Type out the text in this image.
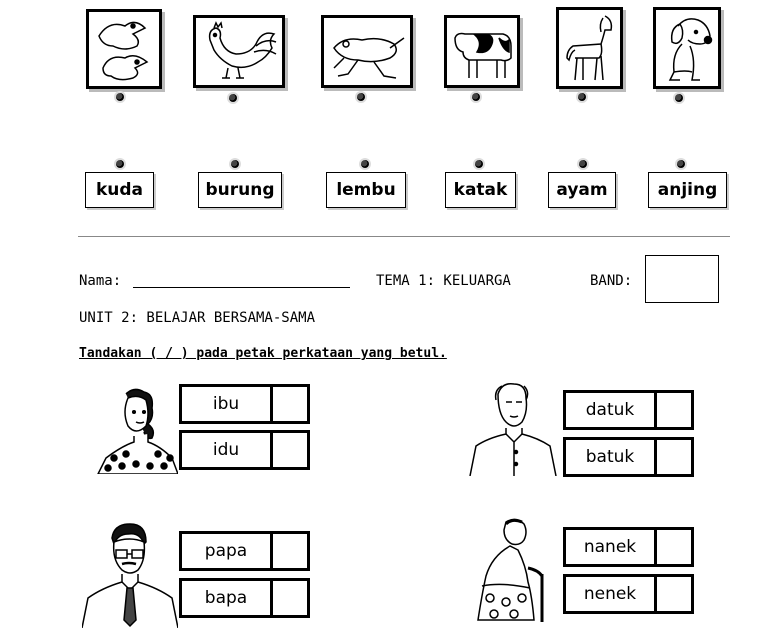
kuda	burung	lembu	katak	ayam	anjing
Nama:	TEMA 1: KELUARGA	BAND:
UNIT 2: BELAJAR BERSAMA-SAMA
Tandakan ( / ) pada petak perkataan yang betul.
ibu
idu
datuk
batuk
papa
bapa
nanek
nenek
